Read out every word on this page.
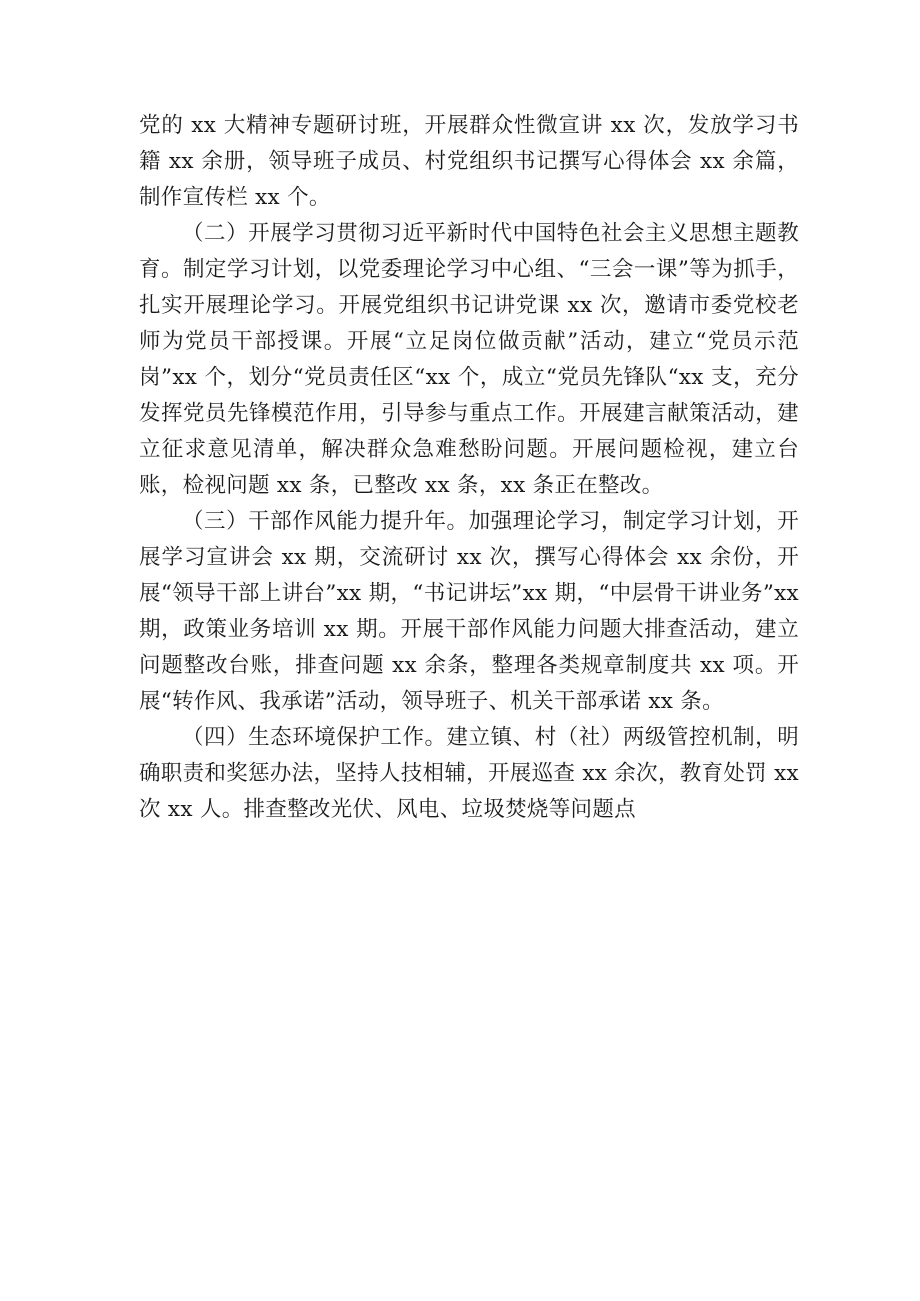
党的 xx 大精神专题研讨班，开展群众性微宣讲 xx 次，发放学习书籍 xx 余册，领导班子成员、村党组织书记撰写心得体会 xx 余篇，制作宣传栏 xx 个。

（二）开展学习贯彻习近平新时代中国特色社会主义思想主题教育。制定学习计划，以党委理论学习中心组、“三会一课”等为抓手，扎实开展理论学习。开展党组织书记讲党课 xx 次，邀请市委党校老师为党员干部授课。开展“立足岗位做贡献”活动，建立“党员示范岗”xx 个，划分“党员责任区“xx 个，成立“党员先锋队“xx 支，充分发挥党员先锋模范作用，引导参与重点工作。开展建言献策活动，建立征求意见清单，解决群众急难愁盼问题。开展问题检视，建立台账，检视问题 xx 条，已整改 xx 条，xx 条正在整改。

（三）干部作风能力提升年。加强理论学习，制定学习计划，开展学习宣讲会 xx 期，交流研讨 xx 次，撰写心得体会 xx 余份，开展“领导干部上讲台”xx 期，“书记讲坛”xx 期，“中层骨干讲业务”xx 期，政策业务培训 xx 期。开展干部作风能力问题大排查活动，建立问题整改台账，排查问题 xx 余条，整理各类规章制度共 xx 项。开展“转作风、我承诺”活动，领导班子、机关干部承诺 xx 条。

（四）生态环境保护工作。建立镇、村（社）两级管控机制，明确职责和奖惩办法，坚持人技相辅，开展巡查 xx 余次，教育处罚 xx 次 xx 人。排查整改光伏、风电、垃圾焚烧等问题点
